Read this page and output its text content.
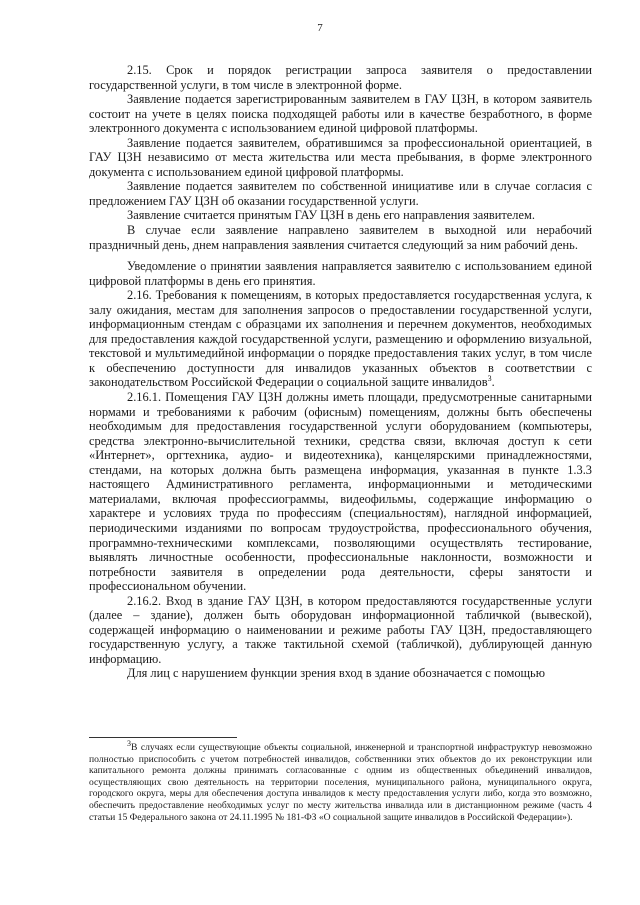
7

2.15. Срок и порядок регистрации запроса заявителя о предоставлении государственной услуги, в том числе в электронной форме.

Заявление подается зарегистрированным заявителем в ГАУ ЦЗН, в котором заявитель состоит на учете в целях поиска подходящей работы или в качестве безработного, в форме электронного документа с использованием единой цифровой платформы.

Заявление подается заявителем, обратившимся за профессиональной ориентацией, в ГАУ ЦЗН независимо от места жительства или места пребывания, в форме электронного документа с использованием единой цифровой платформы.

Заявление подается заявителем по собственной инициативе или в случае согласия с предложением ГАУ ЦЗН об оказании государственной услуги.

Заявление считается принятым ГАУ ЦЗН в день его направления заявителем.

В случае если заявление направлено заявителем в выходной или нерабочий праздничный день, днем направления заявления считается следующий за ним рабочий день.

Уведомление о принятии заявления направляется заявителю с использованием единой цифровой платформы в день его принятия.

2.16. Требования к помещениям, в которых предоставляется государственная услуга, к залу ожидания, местам для заполнения запросов о предоставлении государственной услуги, информационным стендам с образцами их заполнения и перечнем документов, необходимых для предоставления каждой государственной услуги, размещению и оформлению визуальной, текстовой и мультимедийной информации о порядке предоставления таких услуг, в том числе к обеспечению доступности для инвалидов указанных объектов в соответствии с законодательством Российской Федерации о социальной защите инвалидов$^3$.

2.16.1. Помещения ГАУ ЦЗН должны иметь площади, предусмотренные санитарными нормами и требованиями к рабочим (офисным) помещениям, должны быть обеспечены необходимым для предоставления государственной услуги оборудованием (компьютеры, средства электронно-вычислительной техники, средства связи, включая доступ к сети «Интернет», оргтехника, аудио- и видеотехника), канцелярскими принадлежностями, стендами, на которых должна быть размещена информация, указанная в пункте 1.3.3 настоящего Административного регламента, информационными и методическими материалами, включая профессиограммы, видеофильмы, содержащие информацию о характере и условиях труда по профессиям (специальностям), наглядной информацией, периодическими изданиями по вопросам трудоустройства, профессионального обучения, программно-техническими комплексами, позволяющими осуществлять тестирование, выявлять личностные особенности, профессиональные наклонности, возможности и потребности заявителя в определении рода деятельности, сферы занятости и профессиональном обучении.

2.16.2. Вход в здание ГАУ ЦЗН, в котором предоставляются государственные услуги (далее – здание), должен быть оборудован информационной табличкой (вывеской), содержащей информацию о наименовании и режиме работы ГАУ ЦЗН, предоставляющего государственную услугу, а также тактильной схемой (табличкой), дублирующей данную информацию.

Для лиц с нарушением функции зрения вход в здание обозначается с помощью

$^3$В случаях если существующие объекты социальной, инженерной и транспортной инфраструктур невозможно полностью приспособить с учетом потребностей инвалидов, собственники этих объектов до их реконструкции или капитального ремонта должны принимать согласованные с одним из общественных объединений инвалидов, осуществляющих свою деятельность на территории поселения, муниципального района, муниципального округа, городского округа, меры для обеспечения доступа инвалидов к месту предоставления услуги либо, когда это возможно, обеспечить предоставление необходимых услуг по месту жительства инвалида или в дистанционном режиме (часть 4 статьи 15 Федерального закона от 24.11.1995 № 181-ФЗ «О социальной защите инвалидов в Российской Федерации»).
